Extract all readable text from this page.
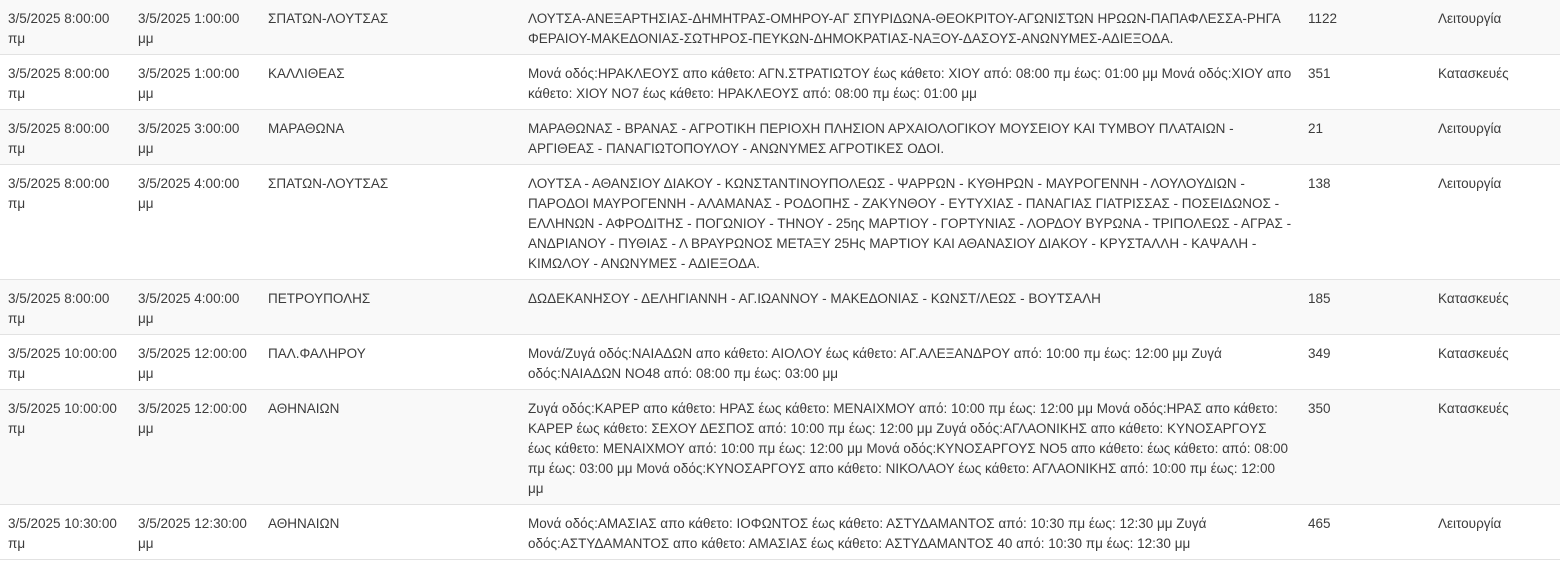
3/5/2025 8:00:00 πμ	3/5/2025 1:00:00 μμ	ΣΠΑΤΩΝ-ΛΟΥΤΣΑΣ	ΛΟΥΤΣΑ-ΑΝΕΞΑΡΤΗΣΙΑΣ-ΔΗΜΗΤΡΑΣ-ΟΜΗΡΟΥ-ΑΓ ΣΠΥΡΙΔΩΝΑ-ΘΕΟΚΡΙΤΟΥ-ΑΓΩΝΙΣΤΩΝ ΗΡΩΩΝ-ΠΑΠΑΦΛΕΣΣΑ-ΡΗΓΑ ΦΕΡΑΙΟΥ-ΜΑΚΕΔΟΝΙΑΣ-ΣΩΤΗΡΟΣ-ΠΕΥΚΩΝ-ΔΗΜΟΚΡΑΤΙΑΣ-ΝΑΞΟΥ-ΔΑΣΟΥΣ-ΑΝΩΝΥΜΕΣ-ΑΔΙΕΞΟΔΑ.	1122	Λειτουργία
3/5/2025 8:00:00 πμ	3/5/2025 1:00:00 μμ	ΚΑΛΛΙΘΕΑΣ	Μονά οδός:ΗΡΑΚΛΕΟΥΣ απο κάθετο: ΑΓΝ.ΣΤΡΑΤΙΩΤΟΥ έως κάθετο: ΧΙΟΥ από: 08:00 πμ έως: 01:00 μμ Μονά οδός:ΧΙΟΥ απο κάθετο: ΧΙΟΥ ΝΟ7 έως κάθετο: ΗΡΑΚΛΕΟΥΣ από: 08:00 πμ έως: 01:00 μμ	351	Κατασκευές
3/5/2025 8:00:00 πμ	3/5/2025 3:00:00 μμ	ΜΑΡΑΘΩΝΑ	ΜΑΡΑΘΩΝΑΣ - ΒΡΑΝΑΣ - ΑΓΡΟΤΙΚΗ ΠΕΡΙΟΧΗ ΠΛΗΣΙΟΝ ΑΡΧΑΙΟΛΟΓΙΚΟΥ ΜΟΥΣΕΙΟΥ ΚΑΙ ΤΥΜΒΟΥ ΠΛΑΤΑΙΩΝ - ΑΡΓΙΘΕΑΣ - ΠΑΝΑΓΙΩΤΟΠΟΥΛΟΥ - ΑΝΩΝΥΜΕΣ ΑΓΡΟΤΙΚΕΣ ΟΔΟΙ.	21	Λειτουργία
3/5/2025 8:00:00 πμ	3/5/2025 4:00:00 μμ	ΣΠΑΤΩΝ-ΛΟΥΤΣΑΣ	ΛΟΥΤΣΑ - ΑΘΑΝΣΙΟΥ ΔΙΑΚΟΥ - ΚΩΝΣΤΑΝΤΙΝΟΥΠΟΛΕΩΣ - ΨΑΡΡΩΝ - ΚΥΘΗΡΩΝ - ΜΑΥΡΟΓΕΝΝΗ - ΛΟΥΛΟΥΔΙΩΝ - ΠΑΡΟΔΟΙ ΜΑΥΡΟΓΕΝΝΗ - ΑΛΑΜΑΝΑΣ - ΡΟΔΟΠΗΣ - ΖΑΚΥΝΘΟΥ - ΕΥΤΥΧΙΑΣ - ΠΑΝΑΓΙΑΣ ΓΙΑΤΡΙΣΣΑΣ - ΠΟΣΕΙΔΩΝΟΣ - ΕΛΛΗΝΩΝ - ΑΦΡΟΔΙΤΗΣ - ΠΟΓΩΝΙΟΥ - ΤΗΝΟΥ - 25ης ΜΑΡΤΙΟΥ - ΓΟΡΤΥΝΙΑΣ - ΛΟΡΔΟΥ ΒΥΡΩΝΑ - ΤΡΙΠΟΛΕΩΣ - ΑΓΡΑΣ - ΑΝΔΡΙΑΝΟΥ - ΠΥΘΙΑΣ - Λ ΒΡΑΥΡΩΝΟΣ ΜΕΤΑΞΥ 25Ης ΜΑΡΤΙΟΥ ΚΑΙ ΑΘΑΝΑΣΙΟΥ ΔΙΑΚΟΥ - ΚΡΥΣΤΑΛΛΗ - ΚΑΨΑΛΗ - ΚΙΜΩΛΟΥ - ΑΝΩΝΥΜΕΣ - ΑΔΙΕΞΟΔΑ.	138	Λειτουργία
3/5/2025 8:00:00 πμ	3/5/2025 4:00:00 μμ	ΠΕΤΡΟΥΠΟΛΗΣ	ΔΩΔΕΚΑΝΗΣΟΥ - ΔΕΛΗΓΙΑΝΝΗ - ΑΓ.ΙΩΑΝΝΟΥ - ΜΑΚΕΔΟΝΙΑΣ - ΚΩΝΣΤ/ΛΕΩΣ - ΒΟΥΤΣΑΛΗ	185	Κατασκευές
3/5/2025 10:00:00 πμ	3/5/2025 12:00:00 μμ	ΠΑΛ.ΦΑΛΗΡΟΥ	Μονά/Ζυγά οδός:ΝΑΙΑΔΩΝ απο κάθετο: ΑΙΟΛΟΥ έως κάθετο: ΑΓ.ΑΛΕΞΑΝΔΡΟΥ από: 10:00 πμ έως: 12:00 μμ Ζυγά οδός:ΝΑΙΑΔΩΝ ΝΟ48 από: 08:00 πμ έως: 03:00 μμ	349	Κατασκευές
3/5/2025 10:00:00 πμ	3/5/2025 12:00:00 μμ	ΑΘΗΝΑΙΩΝ	Ζυγά οδός:ΚΑΡΕΡ απο κάθετο: ΗΡΑΣ έως κάθετο: ΜΕΝΑΙΧΜΟΥ από: 10:00 πμ έως: 12:00 μμ Μονά οδός:ΗΡΑΣ απο κάθετο: ΚΑΡΕΡ έως κάθετο: ΣΕΧΟΥ ΔΕΣΠΟΣ από: 10:00 πμ έως: 12:00 μμ Ζυγά οδός:ΑΓΛΑΟΝΙΚΗΣ απο κάθετο: ΚΥΝΟΣΑΡΓΟΥΣ έως κάθετο: ΜΕΝΑΙΧΜΟΥ από: 10:00 πμ έως: 12:00 μμ Μονά οδός:ΚΥΝΟΣΑΡΓΟΥΣ ΝΟ5 απο κάθετο: έως κάθετο: από: 08:00 πμ έως: 03:00 μμ Μονά οδός:ΚΥΝΟΣΑΡΓΟΥΣ απο κάθετο: ΝΙΚΟΛΑΟΥ έως κάθετο: ΑΓΛΑΟΝΙΚΗΣ από: 10:00 πμ έως: 12:00 μμ	350	Κατασκευές
3/5/2025 10:30:00 πμ	3/5/2025 12:30:00 μμ	ΑΘΗΝΑΙΩΝ	Μονά οδός:ΑΜΑΣΙΑΣ απο κάθετο: ΙΟΦΩΝΤΟΣ έως κάθετο: ΑΣΤΥΔΑΜΑΝΤΟΣ από: 10:30 πμ έως: 12:30 μμ Ζυγά οδός:ΑΣΤΥΔΑΜΑΝΤΟΣ απο κάθετο: ΑΜΑΣΙΑΣ έως κάθετο: ΑΣΤΥΔΑΜΑΝΤΟΣ 40 από: 10:30 πμ έως: 12:30 μμ	465	Λειτουργία
